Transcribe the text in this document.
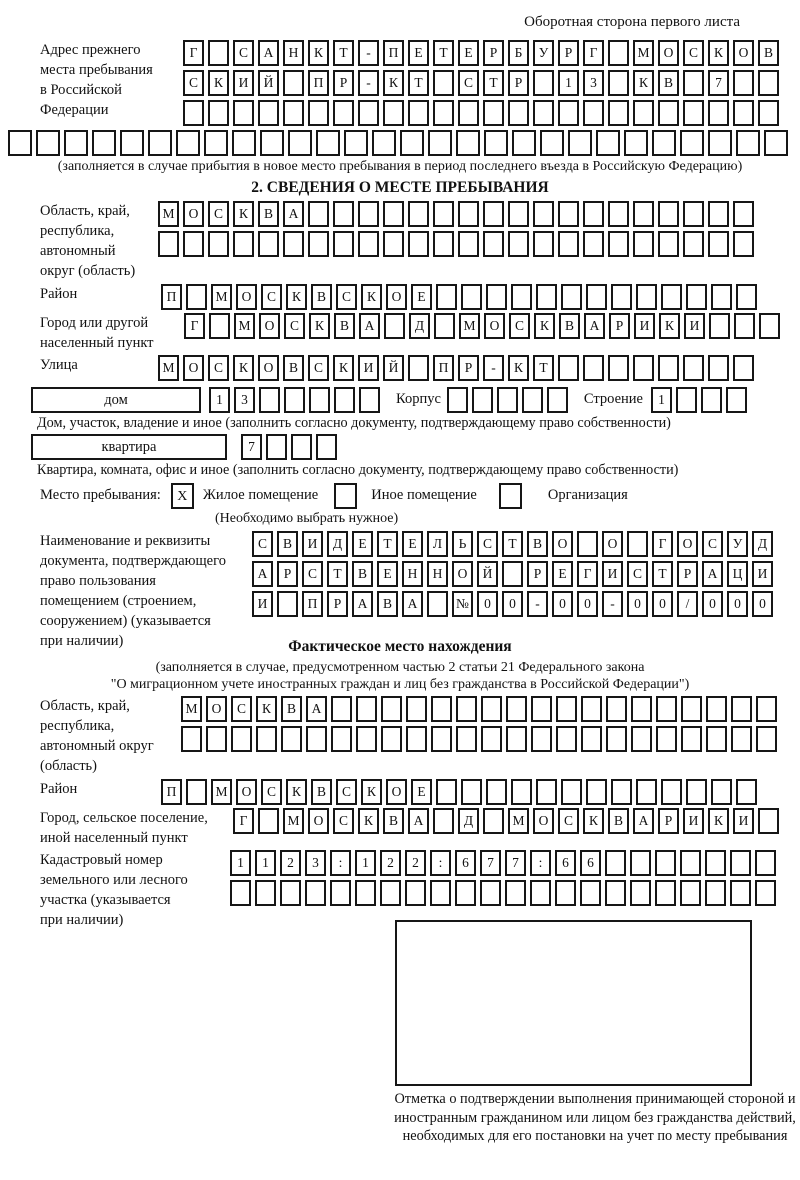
Оборотная сторона первого листа
Адрес прежнего
места пребывания
в Российской
Федерации
Г	С	А	Н	К	Т	-	П	Е	Т	Е	Р	Б	У	Р	Г	М	О	С	К	О	В
С	К	И	Й	П	Р	-	К	Т	С	Т	Р	1	3	К	В	7
(заполняется в случае прибытия в новое место пребывания в период последнего въезда в Российскую Федерацию)
2. СВЕДЕНИЯ О МЕСТЕ ПРЕБЫВАНИЯ
Область, край,
республика,
автономный
округ (область)
М	О	С	К	В	А
Район	П	М	О	С	К	В	С	К	О	Е
Город или другой
населенный пункт
Г	М	О	С	К	В	А	Д	М	О	С	К	В	А	Р	И	К	И
Улица	М	О	С	К	О	В	С	К	И	Й	П	Р	-	К	Т
дом	1	3	Корпус	Строение	1
Дом, участок, владение и иное (заполнить согласно документу, подтверждающему право собственности)
квартира	7
Квартира, комната, офис и иное (заполнить согласно документу, подтверждающему право собственности)
Место пребывания:	X	Жилое помещение	Иное помещение	Организация
(Необходимо выбрать нужное)
Наименование и реквизиты
документа, подтверждающего
право пользования
помещением (строением,
сооружением) (указывается
при наличии)
С	В	И	Д	Е	Т	Е	Л	Ь	С	Т	В	О	О	Г	О	С	У	Д
А	Р	С	Т	В	Е	Н	Н	О	Й	Р	Е	Г	И	С	Т	Р	А	Ц	И
И	П	Р	А	В	А	№	0	0	-	0	0	-	0	0	/	0	0	0
Фактическое место нахождения
(заполняется в случае, предусмотренном частью 2 статьи 21 Федерального закона
"О миграционном учете иностранных граждан и лиц без гражданства в Российской Федерации")
Область, край,
республика,
автономный округ
(область)
М	О	С	К	В	А
Район	П	М	О	С	К	В	С	К	О	Е
Город, сельское поселение,
иной населенный пункт
Г	М	О	С	К	В	А	Д	М	О	С	К	В	А	Р	И	К	И
Кадастровый номер
земельного или лесного
участка (указывается
при наличии)
1	1	2	3	:	1	2	2	:	6	7	7	:	6	6
Отметка о подтверждении выполнения принимающей стороной и иностранным гражданином или лицом без гражданства действий, необходимых для его постановки на учет по месту пребывания
